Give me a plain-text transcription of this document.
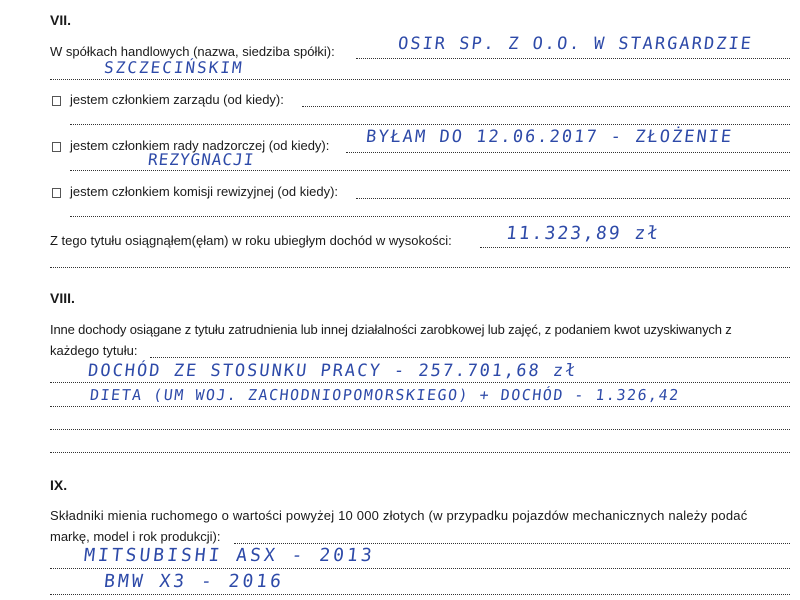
VII.
W spółkach handlowych (nazwa, siedziba spółki):	OSIR SP. Z O.O. W STARGARDZIE
SZCZECIŃSKIM
jestem członkiem zarządu (od kiedy):
jestem członkiem rady nadzorczej (od kiedy): BYŁAM DO 12.06.2017 - ZŁOŻENIE
REZYGNACJI
jestem członkiem komisji rewizyjnej (od kiedy):
Z tego tytułu osiągnąłem(ęłam) w roku ubiegłym dochód w wysokości:	11.323,89 zł
VIII.
Inne dochody osiągane z tytułu zatrudnienia lub innej działalności zarobkowej lub zajęć, z podaniem kwot uzyskiwanych z
każdego tytułu:
DOCHÓD ZE STOSUNKU PRACY - 257.701,68 zł
DIETA (UM WOJ. ZACHODNIOPOMORSKIEGO) + DOCHÓD - 1.326,42
IX.
Składniki mienia ruchomego o wartości powyżej 10 000 złotych (w przypadku pojazdów mechanicznych należy podać
markę, model i rok produkcji):
MITSUBISHI ASX - 2013
BMW X3 - 2016
